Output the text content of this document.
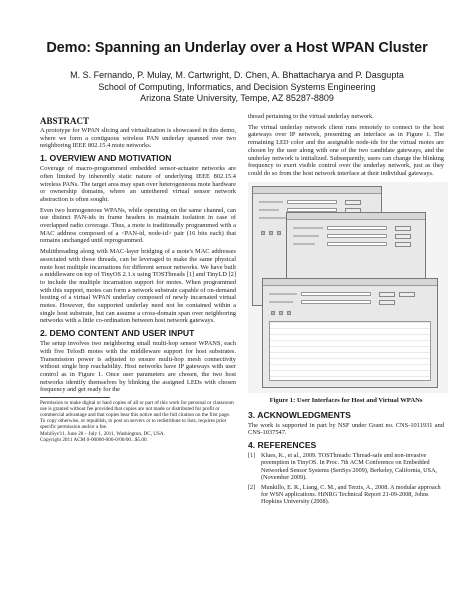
Demo: Spanning an Underlay over a Host WPAN Cluster
M. S. Fernando, P. Mulay, M. Cartwright, D. Chen, A. Bhattacharya and P. Dasgupta
School of Computing, Informatics, and Decision Systems Engineering
Arizona State University, Tempe, AZ 85287-8809
ABSTRACT
A prototype for WPAN slicing and virtualization is showcased in this demo, where we form a contiguous wireless PAN underlay spanned over two neighboring IEEE 802.15.4 mote networks.
1. OVERVIEW AND MOTIVATION
Coverage of macro-programmed embedded sensor-actuator networks are often limited by inherently static nature of underlying IEEE 802.15.4 wireless PANs. The target area may span over heterogeneous mote hardware or ownership domains, where an untethered virtual sensor network abstraction is often sought.
Even two homogeneous WPANs, while operating on the same channel, can use distinct PAN-ids in frame headers to maintain isolation in case of overlapped radio coverage. Thus, a mote is traditionally programmed with a MAC address composed of a <PAN-id, node-id> pair (16 bits each) that remains unchanged until reprogrammed.
Multithreading along with MAC-layer bridging of a mote's MAC addresses associated with those threads, can be leveraged to make the same physical mote host multiple incarnations for different sensor networks. We have built a middleware on top of TinyOS 2.1.x using TOSThreads [1] and TinyLD [2] to include the multiple incarnation support for motes. When programmed with this support, motes can form a network substrate capable of on-demand hosting of a virtual WPAN underlay composed of newly incarnated virtual motes. However, the supported underlay need not be contained within a single host substrate, but can assume a cross-domain span over neighboring networks with a little co-ordination between host network gateways.
2. DEMO CONTENT AND USER INPUT
The setup involves two neighboring small multi-hop sensor WPANS, each with five TelosB motes with the middleware support for host substrates. Transmission power is adjusted to ensure multi-hop mesh connectivity without single hop reachability. Host networks have IP gateways with user control as in Figure 1. Once user parameters are chosen, the two host networks identify themselves by blinking the assigned LEDs with chosen frequency and get ready for the
Permission to make digital or hard copies of all or part of this work for personal or classroom use is granted without fee provided that copies are not made or distributed for profit or commercial advantage and that copies bear this notice and the full citation on the first page. To copy otherwise, or republish, to post on servers or to redistribute to lists, requires prior specific permission and/or a fee.
MobiSys'11, June 28 – July 1, 2011, Washington, DC, USA.
Copyright 2011 ACM 0-00000-000-0/00/00...$5.00.
thread pertaining to the virtual underlay network.
The virtual underlay network client runs remotely to connect to the host gateways over IP network, presenting an interface as in Figure 1. The remaining LED color and the assignable node-ids for the virtual motes are chosen by the user along with one of the two candidate gateways, and the underlay network is initialized. Subsequently, users can change the blinking frequency to exert visible control over the underlay network, just as they could do so from the host network interface at their individual gateways.
Figure 1: User Interfaces for Host and Virtual WPANs
3. ACKNOWLEDGMENTS
The work is supported in part by NSF under Grant no. CNS-1011931 and CNS-1037547.
4. REFERENCES
[1] Klues, K., et al., 2009. TOSThreads: Thread-safe and non-invasive preemption in TinyOS. In Proc. 7th ACM Conference on Embedded Networked Sensor Systems (SenSys 2009), Berkeley, California, USA, (November 2009).
[2] Munkillo, E. R., Liang, C. M., and Terzis, A., 2008. A modular approach for WSN applications. HiNRG Technical Report 21-09-2008, Johns Hopkins University (2008).
